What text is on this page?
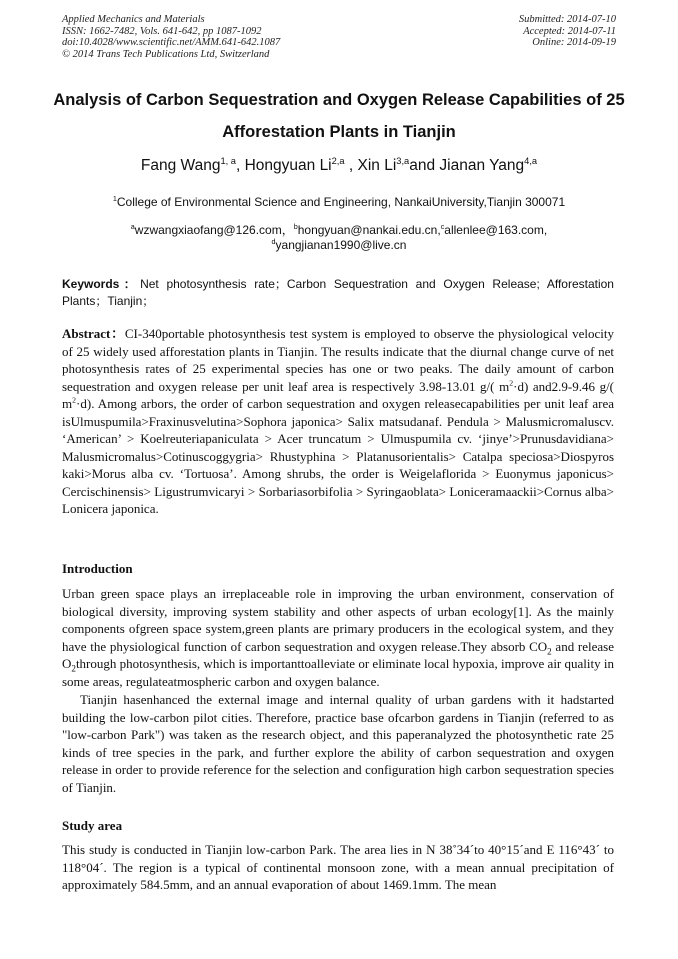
Applied Mechanics and Materials
ISSN: 1662-7482, Vols. 641-642, pp 1087-1092
doi:10.4028/www.scientific.net/AMM.641-642.1087
© 2014 Trans Tech Publications Ltd, Switzerland
Submitted: 2014-07-10
Accepted: 2014-07-11
Online: 2014-09-19
Analysis of Carbon Sequestration and Oxygen Release Capabilities of 25
Afforestation Plants in Tianjin
Fang Wang$^{1, a}$, Hongyuan Li$^{2,a}$ , Xin Li$^{3,a}$and Jianan Yang$^{4,a}$
$^1$College of Environmental Science and Engineering, NankaiUniversity,Tianjin 300071
$^a$wzwangxiaofang@126.com，$^b$hongyuan@nankai.edu.cn,$^c$allenlee@163.com,
$^d$yangjianan1990@live.cn
Keywords：Net photosynthesis rate；Carbon Sequestration and Oxygen Release; Afforestation Plants；Tianjin；
Abstract：CI-340portable photosynthesis test system is employed to observe the physiological velocity of 25 widely used afforestation plants in Tianjin. The results indicate that the diurnal change curve of net photosynthesis rates of 25 experimental species has one or two peaks. The daily amount of carbon sequestration and oxygen release per unit leaf area is respectively 3.98-13.01 g/( $m^2\cdot d$) and2.9-9.46 g/( $m^2\cdot d$). Among arbors, the order of carbon sequestration and oxygen releasecapabilities per unit leaf area isUlmuspumila>Fraxinusvelutina>Sophora japonica> Salix matsudanaf. Pendula > Malusmicromaluscv. ‘American’ > Koelreuteriapaniculata > Acer truncatum > Ulmuspumila cv. ‘jinye’>Prunusdavidiana> Malusmicromalus>Cotinuscoggygria> Rhustyphina > Platanusorientalis> Catalpa speciosa>Diospyros kaki>Morus alba cv. ‘Tortuosa’. Among shrubs, the order is Weigelaflorida > Euonymus japonicus> Cercischinensis> Ligustrumvicaryi > Sorbariasorbifolia > Syringaoblata> Loniceramaackii>Cornus alba> Lonicera japonica.
Introduction
Urban green space plays an irreplaceable role in improving the urban environment, conservation of biological diversity, improving system stability and other aspects of urban ecology[1]. As the mainly components ofgreen space system,green plants are primary producers in the ecological system, and they have the physiological function of carbon sequestration and oxygen release.They absorb $CO_2$ and release $O_2through$ photosynthesis, which is importanttoalleviate or eliminate local hypoxia, improve air quality in some areas, regulateatmospheric carbon and oxygen balance.
Tianjin hasenhanced the external image and internal quality of urban gardens with it hadstarted building the low-carbon pilot cities. Therefore, practice base ofcarbon gardens in Tianjin (referred to as "low-carbon Park") was taken as the research object, and this paperanalyzed the photosynthetic rate 25 kinds of tree species in the park, and further explore the ability of carbon sequestration and oxygen release in order to provide reference for the selection and configuration high carbon sequestration species of Tianjin.
Study area
This study is conducted in Tianjin low-carbon Park. The area lies in N 38˚34´to 40°15´and E 116°43´ to 118°04´. The region is a typical of continental monsoon zone, with a mean annual precipitation of approximately 584.5mm, and an annual evaporation of about 1469.1mm. The mean
